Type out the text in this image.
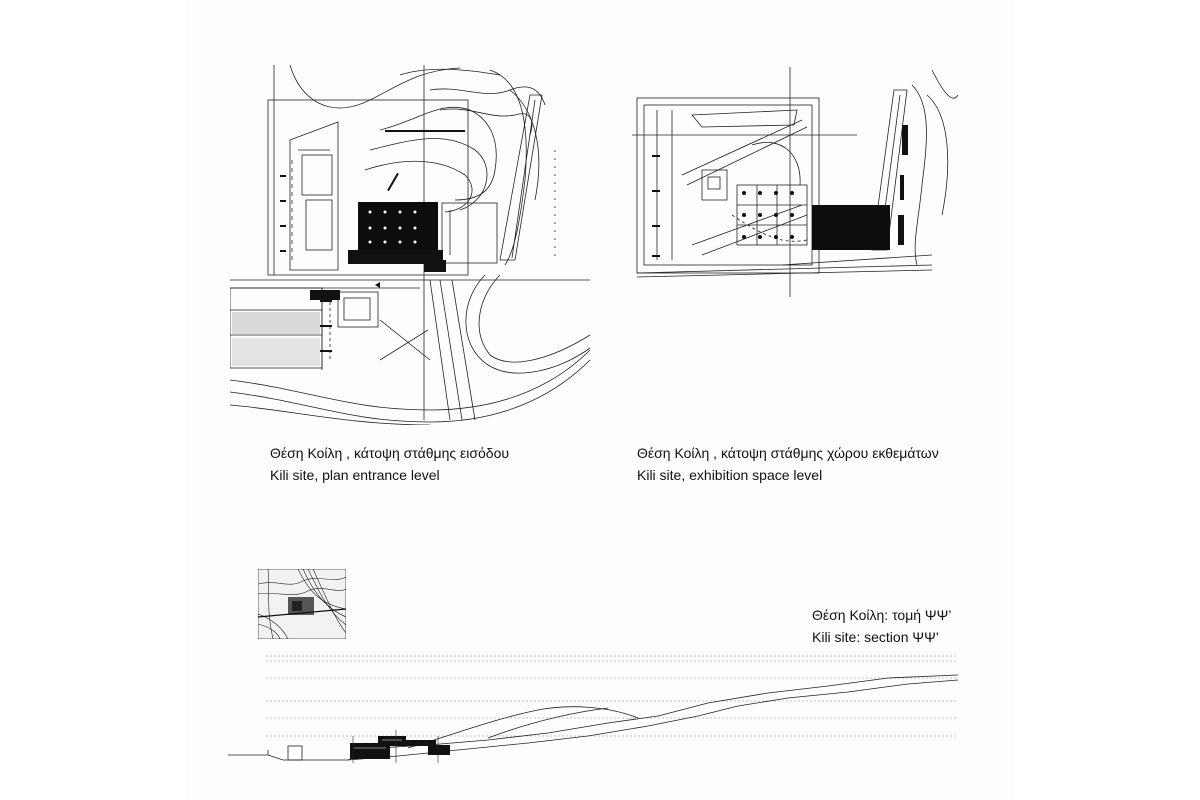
Θέση Κοίλη , κάτοψη στάθμης εισόδου
Kili site, plan entrance level
Θέση Κοίλη , κάτοψη στάθμης χώρου εκθεμάτων
Kili site, exhibition space level
Θέση Κοίλη: τομή ΨΨ’
Kili site: section ΨΨ’
